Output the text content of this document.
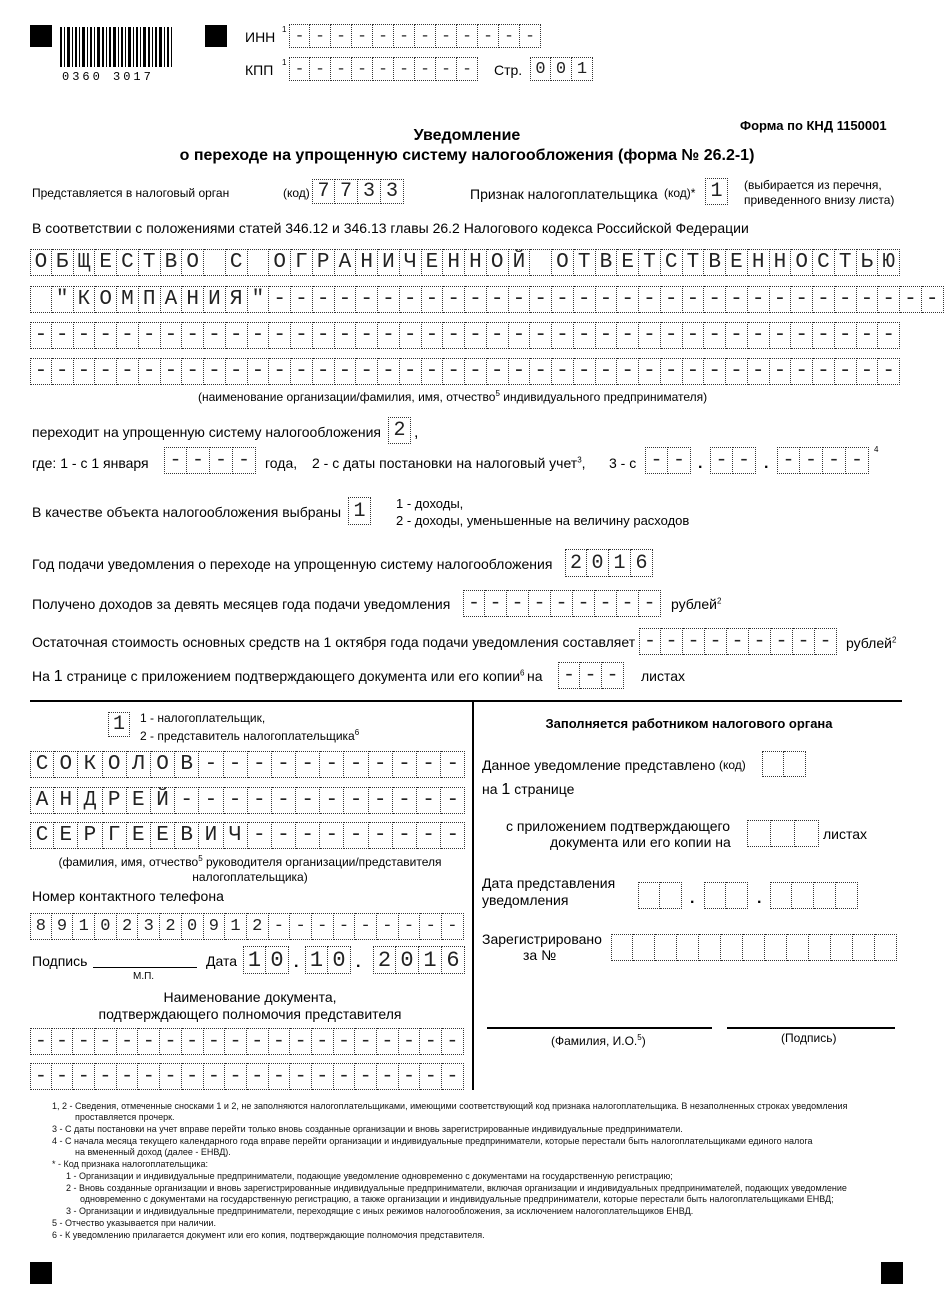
0360 3017
ИНН 1 - - - - - - - - - - - -
КПП 1 - - - - - - - - -	Стр. 0 0 1
Форма по КНД 1150001
Уведомление
о переходе на упрощенную систему налогообложения (форма № 26.2-1)
Представляется в налоговый орган	(код) 7 7 3 3	Признак налогоплательщика (код)* 1	(выбирается из перечня,
приведенного внизу листа)
В соответствии с положениями статей 346.12 и 346.13 главы 26.2 Налогового кодекса Российской Федерации
О Б Щ Е С Т В О
С
О Г Р А Н И Ч Е Н Н О Й
О Т В Е Т С Т В Е Н Н О С Т Ь Ю

" К О М П А Н И Я " - - - - - - - - - - - - - - - - - - - - - - - - - - - - - - -
- - - - - - - - - - - - - - - - - - - - - - - - - - - - - - - - - - - - - - - -
- - - - - - - - - - - - - - - - - - - - - - - - - - - - - - - - - - - - - - - -
(наименование организации/фамилия, имя, отчество$^5$ индивидуального предпринимателя)
переходит на упрощенную систему налогообложения 2 ,
где: 1 - с 1 января - - - -	года, 2 - с даты постановки на налоговый учет$^3$, 3 - с - - . - - . - - - -	4
В качестве объекта налогообложения выбраны 1	1 - доходы,
2 - доходы, уменьшенные на величину расходов
Год подачи уведомления о переходе на упрощенную систему налогообложения 2 0 1 6
Получено доходов за девять месяцев года подачи уведомления - - - - - - - - -	рублей$^2$
Остаточная стоимость основных средств на 1 октября года подачи уведомления составляет - - - - - - - - -	рублей$^2$
На 1 странице с приложением подтверждающего документа или его копии$^6$ на - - -	листах
1	1 - налогоплательщик,
2 - представитель налогоплательщика$^6$
С О К О Л О В - - - - - - - - - - -
А Н Д Р Е Й - - - - - - - - - - - -
С Е Р Г Е Е В И Ч - - - - - - - - -
(фамилия, имя, отчество$^5$ руководителя организации/представителя
налогоплательщика)
Номер контактного телефона
8 9 1 0 2 3 2 0 9 1 2 - - - - - - - - -
Подпись
М.П.
Дата 1 0 . 1 0 . 2 0 1 6
Наименование документа,
подтверждающего полномочия представителя
- - - - - - - - - - - - - - - - - - - -
- - - - - - - - - - - - - - - - - - - -
Заполняется работником налогового органа
Данное уведомление представлено (код)

на 1 странице
с приложением подтверждающего
документа или его копии на

	листах
Дата представления
уведомления

	.

	.

Зарегистрировано
за №

(Фамилия, И.О.$^5$)	(Подпись)
1, 2 - Сведения, отмеченные сносками 1 и 2, не заполняются налогоплательщиками, имеющими соответствующий код признака налогоплательщика. В незаполненных строках уведомления
проставляется прочерк.
3 - С даты постановки на учет вправе перейти только вновь созданные организации и вновь зарегистрированные индивидуальные предприниматели.
4 - С начала месяца текущего календарного года вправе перейти организации и индивидуальные предприниматели, которые перестали быть налогоплательщиками единого налога
на вмененный доход (далее - ЕНВД).
* - Код признака налогоплательщика:
1 - Организации и индивидуальные предприниматели, подающие уведомление одновременно с документами на государственную регистрацию;
2 - Вновь созданные организации и вновь зарегистрированные индивидуальные предприниматели, включая организации и индивидуальных предпринимателей, подающих уведомление
одновременно с документами на государственную регистрацию, а также организации и индивидуальные предприниматели, которые перестали быть налогоплательщиками ЕНВД;
3 - Организации и индивидуальные предприниматели, переходящие с иных режимов налогообложения, за исключением налогоплательщиков ЕНВД.
5 - Отчество указывается при наличии.
6 - К уведомлению прилагается документ или его копия, подтверждающие полномочия представителя.
